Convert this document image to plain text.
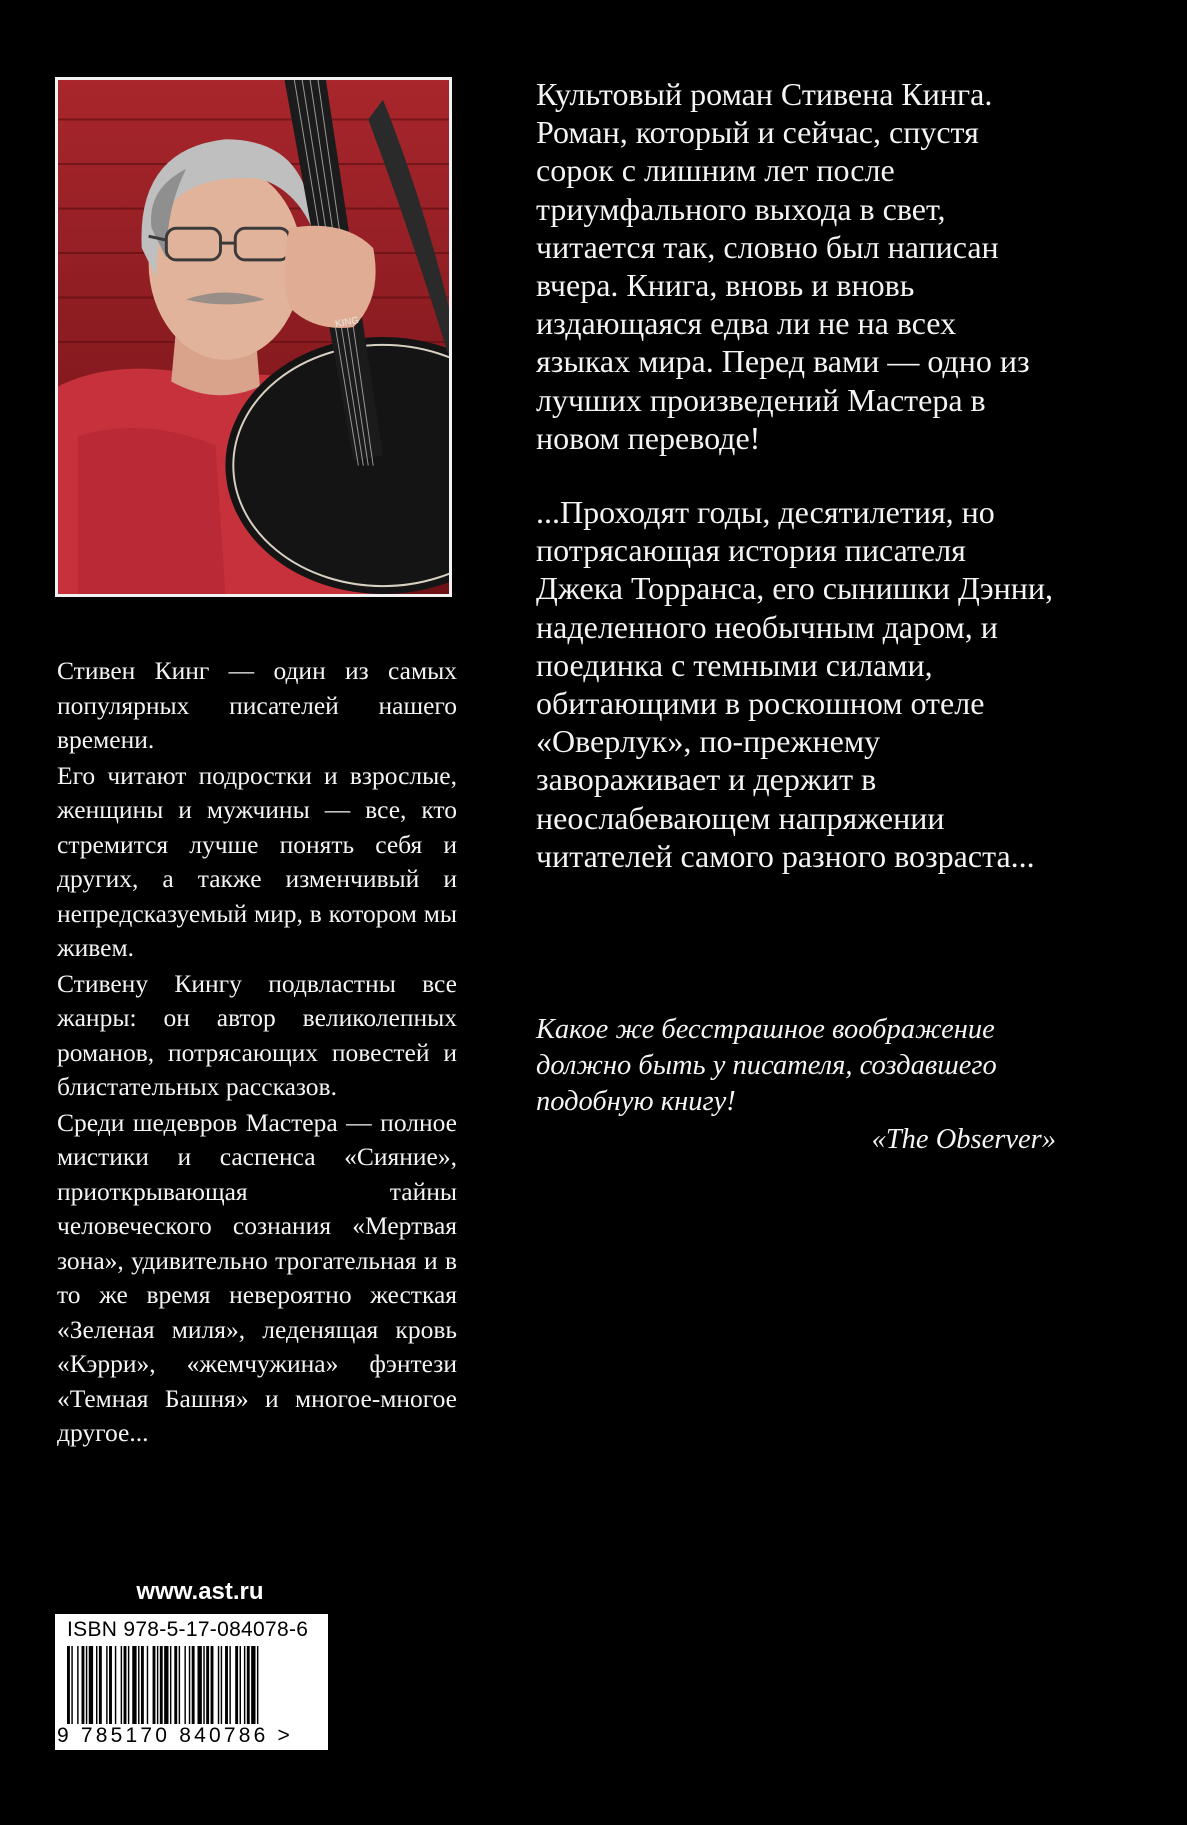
KING

Стивен Кинг — один из самых популярных писателей нашего времени.

Его читают подростки и взрослые, женщины и мужчины — все, кто стремится лучше понять себя и других, а также изменчивый и непредсказуемый мир, в котором мы живем.

Стивену Кингу подвластны все жанры: он автор великолепных романов, потрясающих повестей и блистательных рассказов.

Среди шедевров Мастера — полное мистики и саспенса «Сияние», приоткрывающая тайны человеческого сознания «Мертвая зона», удивительно трогательная и в то же время невероятно жесткая «Зеленая миля», леденящая кровь «Кэрри», «жемчужина» фэнтези «Темная Башня» и многое-многое другое...

Культовый роман Стивена Кинга. Роман, который и сейчас, спустя сорок с лишним лет после триумфального выхода в свет, читается так, словно был написан вчера. Книга, вновь и вновь издающаяся едва ли не на всех языках мира. Перед вами — одно из лучших произведений Мастера в новом переводе!

...Проходят годы, десятилетия, но потрясающая история писателя Джека Торранса, его сынишки Дэнни, наделенного необычным даром, и поединка с темными силами, обитающими в роскошном отеле «Оверлук», по-прежнему завораживает и держит в неослабевающем напряжении читателей самого разного возраста...

Какое же бесстрашное воображение должно быть у писателя, создавшего подобную книгу!

«The Observer»

www.ast.ru
ISBN 978-5-17-084078-6
9 785170 840786 >
